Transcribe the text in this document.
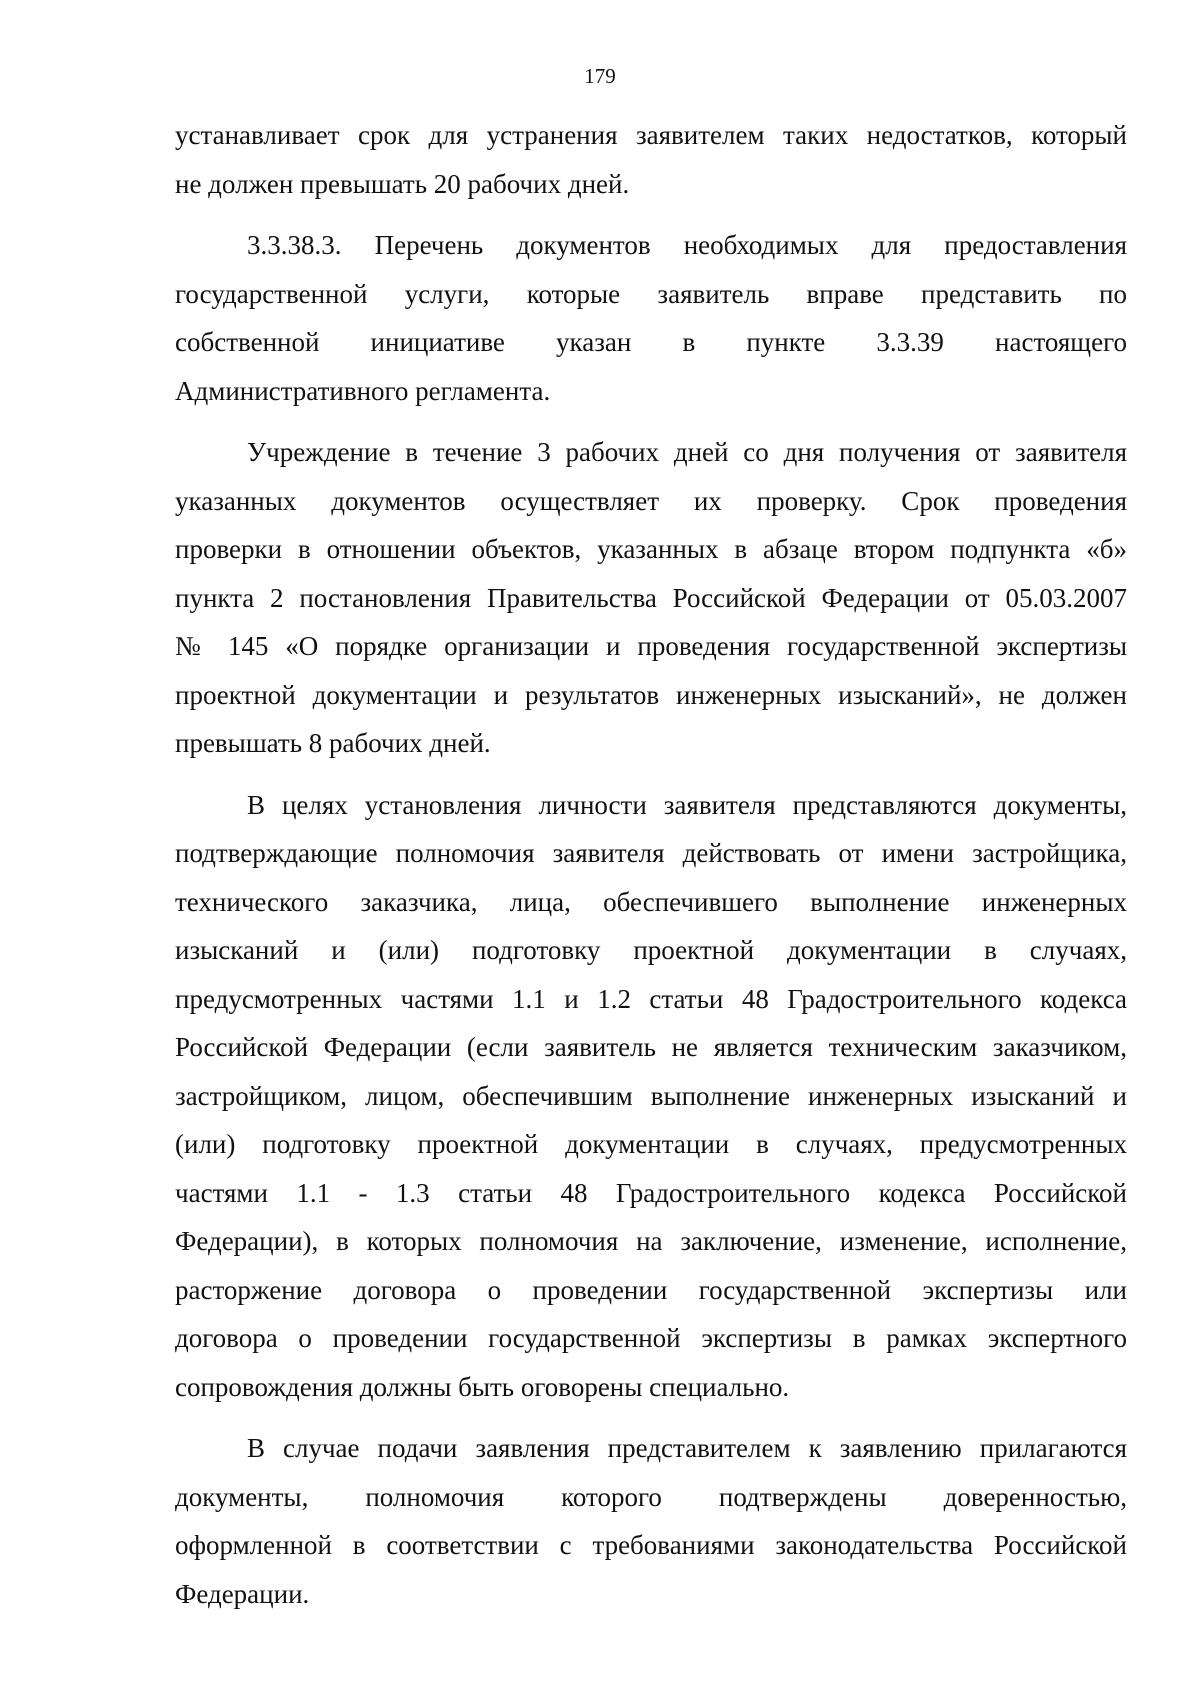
179
устанавливает срок для устранения заявителем таких недостатков, который
не должен превышать 20 рабочих дней.
3.3.38.3. Перечень документов необходимых для предоставления
государственной услуги, которые заявитель вправе представить по
собственной инициативе указан в пункте 3.3.39 настоящего
Административного регламента.
Учреждение в течение 3 рабочих дней со дня получения от заявителя
указанных документов осуществляет их проверку. Срок проведения
проверки в отношении объектов, указанных в абзаце втором подпункта «б»
пункта 2 постановления Правительства Российской Федерации от 05.03.2007
№ 145 «О порядке организации и проведения государственной экспертизы
проектной документации и результатов инженерных изысканий», не должен
превышать 8 рабочих дней.
В целях установления личности заявителя представляются документы,
подтверждающие полномочия заявителя действовать от имени застройщика,
технического заказчика, лица, обеспечившего выполнение инженерных
изысканий и (или) подготовку проектной документации в случаях,
предусмотренных частями 1.1 и 1.2 статьи 48 Градостроительного кодекса
Российской Федерации (если заявитель не является техническим заказчиком,
застройщиком, лицом, обеспечившим выполнение инженерных изысканий и
(или) подготовку проектной документации в случаях, предусмотренных
частями 1.1 - 1.3 статьи 48 Градостроительного кодекса Российской
Федерации), в которых полномочия на заключение, изменение, исполнение,
расторжение договора о проведении государственной экспертизы или
договора о проведении государственной экспертизы в рамках экспертного
сопровождения должны быть оговорены специально.
В случае подачи заявления представителем к заявлению прилагаются
документы, полномочия которого подтверждены доверенностью,
оформленной в соответствии с требованиями законодательства Российской
Федерации.
